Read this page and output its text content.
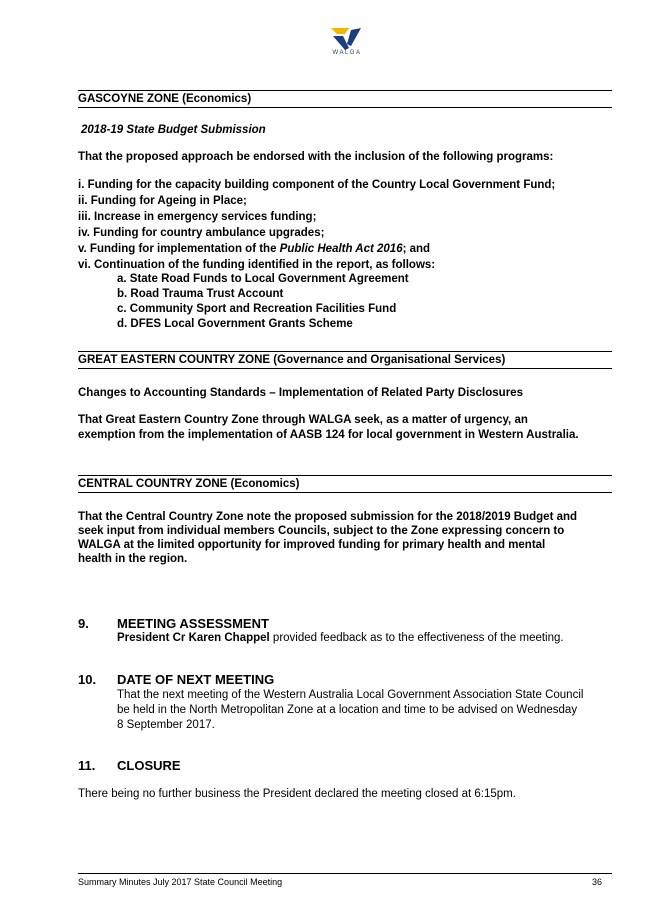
WALGA
GASCOYNE ZONE (Economics)
2018-19 State Budget Submission
That the proposed approach be endorsed with the inclusion of the following programs:
i. Funding for the capacity building component of the Country Local Government Fund;
ii. Funding for Ageing in Place;
iii. Increase in emergency services funding;
iv. Funding for country ambulance upgrades;
v. Funding for implementation of the Public Health Act 2016; and
vi. Continuation of the funding identified in the report, as follows:
a. State Road Funds to Local Government Agreement
b. Road Trauma Trust Account
c. Community Sport and Recreation Facilities Fund
d. DFES Local Government Grants Scheme
GREAT EASTERN COUNTRY ZONE (Governance and Organisational Services)
Changes to Accounting Standards – Implementation of Related Party Disclosures
That Great Eastern Country Zone through WALGA seek, as a matter of urgency, an
exemption from the implementation of AASB 124 for local government in Western Australia.
CENTRAL COUNTRY ZONE (Economics)
That the Central Country Zone note the proposed submission for the 2018/2019 Budget and
seek input from individual members Councils, subject to the Zone expressing concern to
WALGA at the limited opportunity for improved funding for primary health and mental
health in the region.
9. MEETING ASSESSMENT
President Cr Karen Chappel provided feedback as to the effectiveness of the meeting.
10. DATE OF NEXT MEETING
That the next meeting of the Western Australia Local Government Association State Council
be held in the North Metropolitan Zone at a location and time to be advised on Wednesday
8 September 2017.
11. CLOSURE
There being no further business the President declared the meeting closed at 6:15pm.
Summary Minutes July 2017 State Council Meeting	36
